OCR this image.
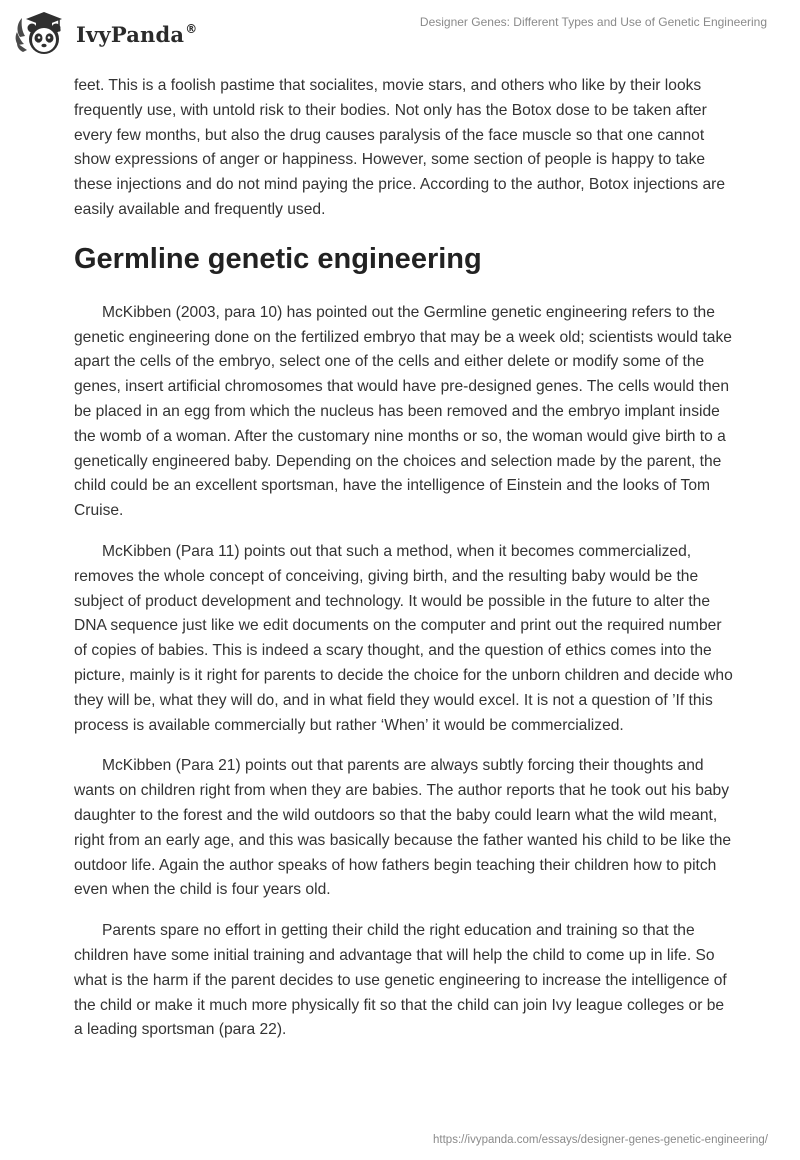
IvyPanda®	Designer Genes: Different Types and Use of Genetic Engineering

feet. This is a foolish pastime that socialites, movie stars, and others who like by their looks frequently use, with untold risk to their bodies. Not only has the Botox dose to be taken after every few months, but also the drug causes paralysis of the face muscle so that one cannot show expressions of anger or happiness. However, some section of people is happy to take these injections and do not mind paying the price. According to the author, Botox injections are easily available and frequently used.

Germline genetic engineering

McKibben (2003, para 10) has pointed out the Germline genetic engineering refers to the genetic engineering done on the fertilized embryo that may be a week old; scientists would take apart the cells of the embryo, select one of the cells and either delete or modify some of the genes, insert artificial chromosomes that would have pre-designed genes. The cells would then be placed in an egg from which the nucleus has been removed and the embryo implant inside the womb of a woman. After the customary nine months or so, the woman would give birth to a genetically engineered baby. Depending on the choices and selection made by the parent, the child could be an excellent sportsman, have the intelligence of Einstein and the looks of Tom Cruise.

McKibben (Para 11) points out that such a method, when it becomes commercialized, removes the whole concept of conceiving, giving birth, and the resulting baby would be the subject of product development and technology. It would be possible in the future to alter the DNA sequence just like we edit documents on the computer and print out the required number of copies of babies. This is indeed a scary thought, and the question of ethics comes into the picture, mainly is it right for parents to decide the choice for the unborn children and decide who they will be, what they will do, and in what field they would excel. It is not a question of ’If this process is available commercially but rather ‘When’ it would be commercialized.

McKibben (Para 21) points out that parents are always subtly forcing their thoughts and wants on children right from when they are babies. The author reports that he took out his baby daughter to the forest and the wild outdoors so that the baby could learn what the wild meant, right from an early age, and this was basically because the father wanted his child to be like the outdoor life. Again the author speaks of how fathers begin teaching their children how to pitch even when the child is four years old.

Parents spare no effort in getting their child the right education and training so that the children have some initial training and advantage that will help the child to come up in life. So what is the harm if the parent decides to use genetic engineering to increase the intelligence of the child or make it much more physically fit so that the child can join Ivy league colleges or be a leading sportsman (para 22).

https://ivypanda.com/essays/designer-genes-genetic-engineering/
